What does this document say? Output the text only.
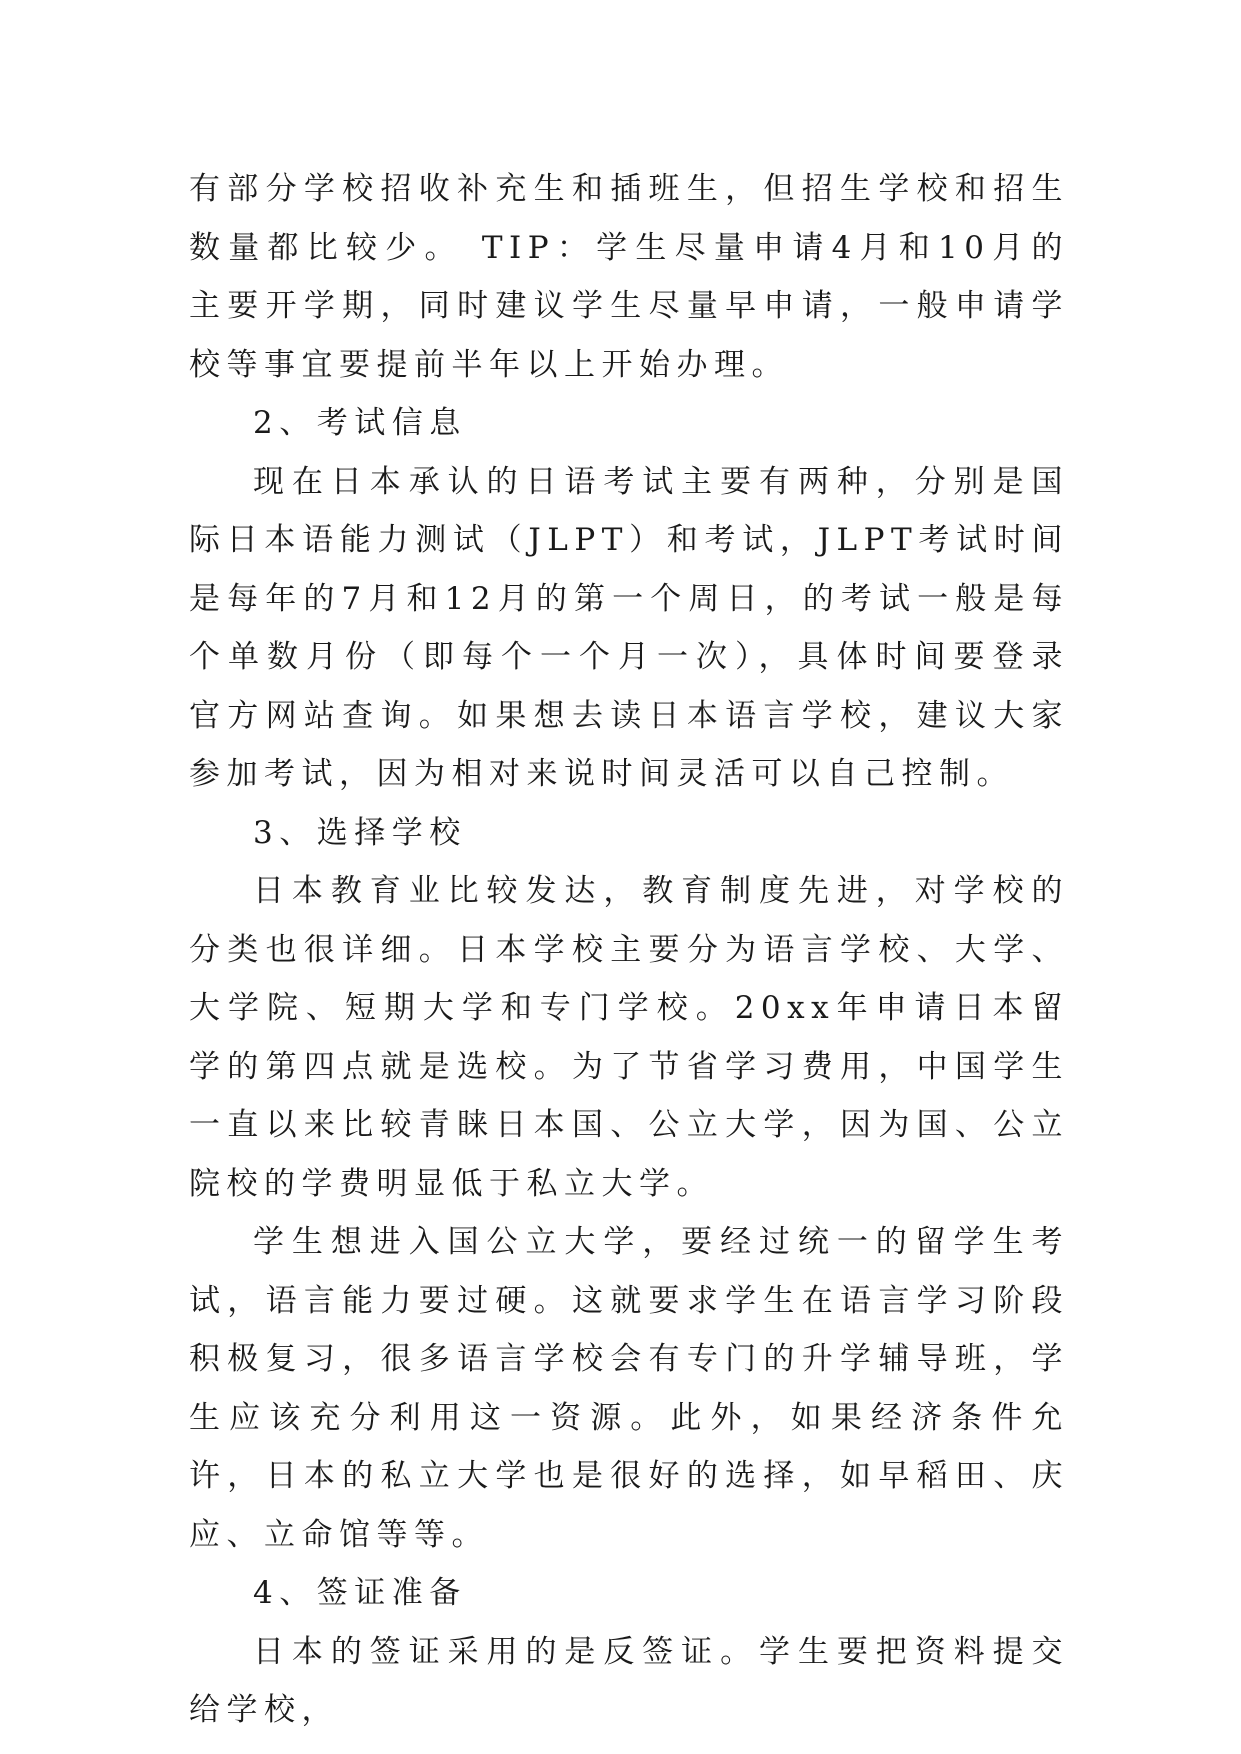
有部分学校招收补充生和插班生，但招生学校和招生数量都比较少。 TIP：学生尽量申请4月和10月的主要开学期，同时建议学生尽量早申请，一般申请学校等事宜要提前半年以上开始办理。

2、考试信息

现在日本承认的日语考试主要有两种，分别是国际日本语能力测试（JLPT）和考试，JLPT考试时间是每年的7月和12月的第一个周日，的考试一般是每个单数月份（即每个一个月一次），具体时间要登录官方网站查询。如果想去读日本语言学校，建议大家参加考试，因为相对来说时间灵活可以自己控制。

3、选择学校

日本教育业比较发达，教育制度先进，对学校的分类也很详细。日本学校主要分为语言学校、大学、大学院、短期大学和专门学校。20xx年申请日本留学的第四点就是选校。为了节省学习费用，中国学生一直以来比较青睐日本国、公立大学，因为国、公立院校的学费明显低于私立大学。

学生想进入国公立大学，要经过统一的留学生考试，语言能力要过硬。这就要求学生在语言学习阶段积极复习，很多语言学校会有专门的升学辅导班，学生应该充分利用这一资源。此外，如果经济条件允许，日本的私立大学也是很好的选择，如早稻田、庆应、立命馆等等。

4、签证准备

日本的签证采用的是反签证。学生要把资料提交给学校，
